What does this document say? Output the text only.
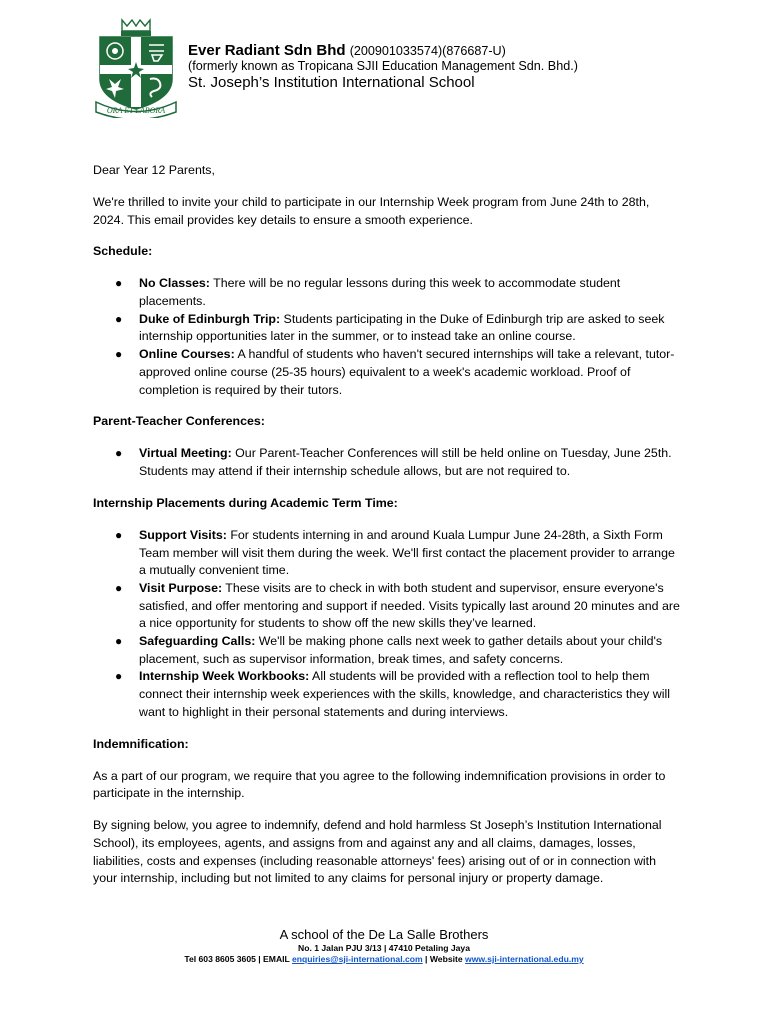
ORA ET LABORA
Ever Radiant Sdn Bhd (200901033574)(876687-U)
(formerly known as Tropicana SJII Education Management Sdn. Bhd.)
St. Joseph’s Institution International School

Dear Year 12 Parents,

We're thrilled to invite your child to participate in our Internship Week program from June 24th to 28th, 2024. This email provides key details to ensure a smooth experience.

Schedule:
● No Classes: There will be no regular lessons during this week to accommodate student placements.
● Duke of Edinburgh Trip: Students participating in the Duke of Edinburgh trip are asked to seek internship opportunities later in the summer, or to instead take an online course.
● Online Courses: A handful of students who haven't secured internships will take a relevant, tutor-approved online course (25-35 hours) equivalent to a week's academic workload. Proof of completion is required by their tutors.
Parent-Teacher Conferences:
● Virtual Meeting: Our Parent-Teacher Conferences will still be held online on Tuesday, June 25th. Students may attend if their internship schedule allows, but are not required to.
Internship Placements during Academic Term Time:
● Support Visits: For students interning in and around Kuala Lumpur June 24-28th, a Sixth Form Team member will visit them during the week. We'll first contact the placement provider to arrange a mutually convenient time.
● Visit Purpose: These visits are to check in with both student and supervisor, ensure everyone's satisfied, and offer mentoring and support if needed. Visits typically last around 20 minutes and are a nice opportunity for students to show off the new skills they’ve learned.
● Safeguarding Calls: We'll be making phone calls next week to gather details about your child's placement, such as supervisor information, break times, and safety concerns.
● Internship Week Workbooks: All students will be provided with a reflection tool to help them connect their internship week experiences with the skills, knowledge, and characteristics they will want to highlight in their personal statements and during interviews.
Indemnification:

As a part of our program, we require that you agree to the following indemnification provisions in order to participate in the internship.

By signing below, you agree to indemnify, defend and hold harmless St Joseph’s Institution International School), its employees, agents, and assigns from and against any and all claims, damages, losses, liabilities, costs and expenses (including reasonable attorneys' fees) arising out of or in connection with your internship, including but not limited to any claims for personal injury or property damage.

A school of the De La Salle Brothers
No. 1 Jalan PJU 3/13 | 47410 Petaling Jaya
Tel 603 8605 3605 | EMAIL enquiries@sji-international.com | Website www.sji-international.edu.my
